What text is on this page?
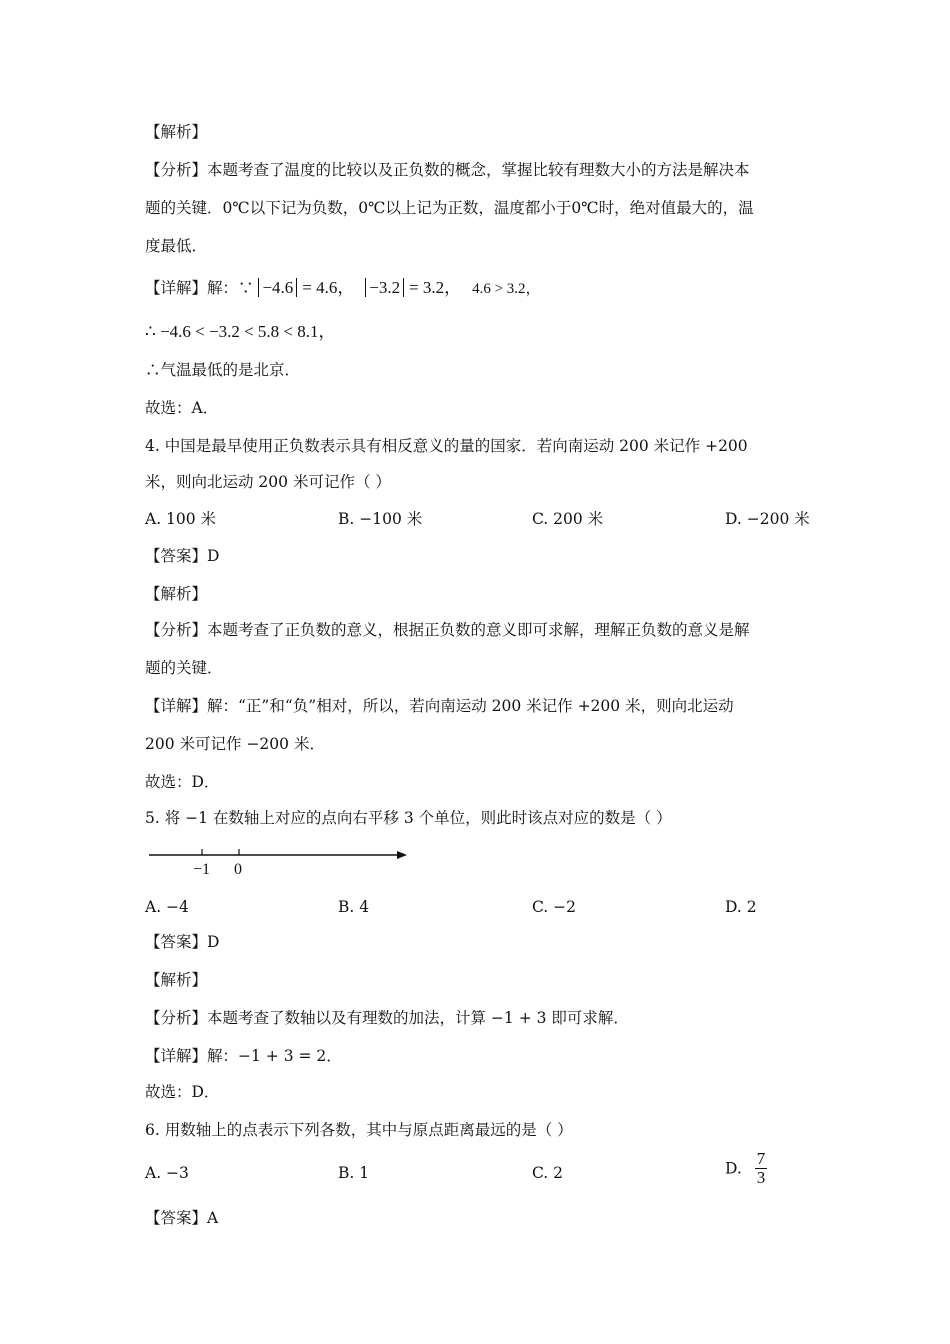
【解析】
【分析】本题考查了温度的比较以及正负数的概念，掌握比较有理数大小的方法是解决本
题的关键．0℃以下记为负数，0℃以上记为正数，温度都小于0℃时，绝对值最大的，温
度最低．
【详解】解：∵ −4.6 = 4.6， −3.2 = 3.2， 4.6 > 3.2，
∴ −4.6 < −3.2 < 5.8 < 8.1，
∴气温最低的是北京．
故选：A．
4. 中国是最早使用正负数表示具有相反意义的量的国家．若向南运动 200 米记作 +200
米，则向北运动 200 米可记作（ ）
A. 100 米	B. −100 米	C. 200 米	D. −200 米
【答案】D
【解析】
【分析】本题考查了正负数的意义，根据正负数的意义即可求解，理解正负数的意义是解
题的关键．
【详解】解：“正”和“负”相对，所以，若向南运动 200 米记作 +200 米，则向北运动
200 米可记作 −200 米．
故选：D．
5. 将 −1 在数轴上对应的点向右平移 3 个单位，则此时该点对应的数是（ ）
−1 0
A. −4	B. 4	C. −2	D. 2
【答案】D
【解析】
【分析】本题考查了数轴以及有理数的加法，计算 −1 + 3 即可求解．
【详解】解：−1 + 3 = 2．
故选：D．
6. 用数轴上的点表示下列各数，其中与原点距离最远的是（ ）
A. −3	B. 1	C. 2	D. $\frac{7}{3}$
【答案】A
